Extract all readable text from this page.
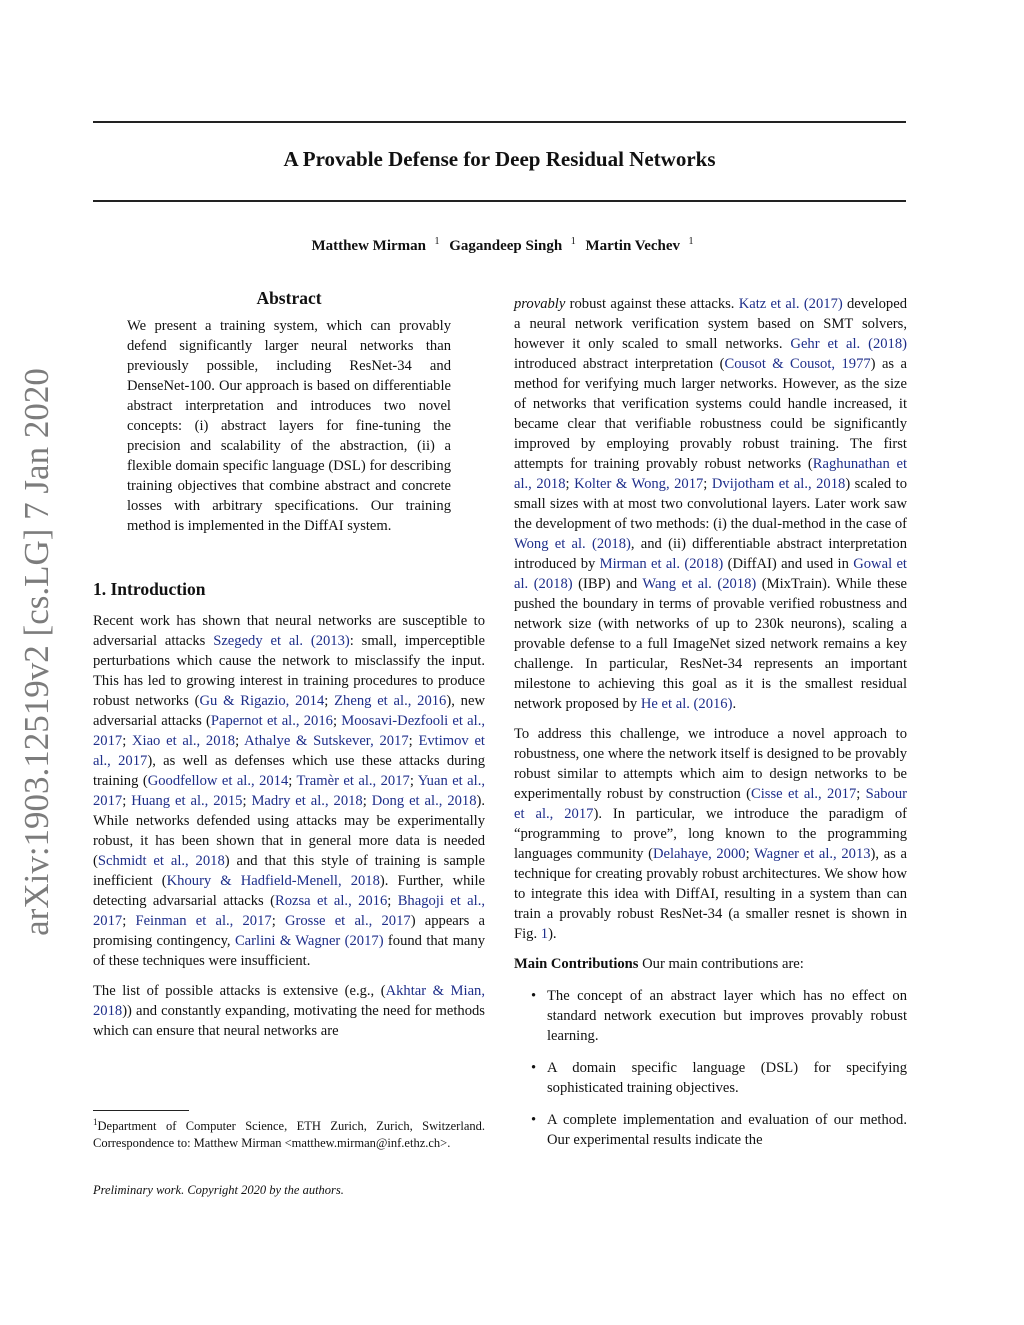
arXiv:1903.12519v2 [cs.LG] 7 Jan 2020
A Provable Defense for Deep Residual Networks
Matthew Mirman $^1$ Gagandeep Singh $^1$ Martin Vechev $^1$
Abstract

We present a training system, which can provably defend significantly larger neural networks than previously possible, including ResNet-34 and DenseNet-100. Our approach is based on differentiable abstract interpretation and introduces two novel concepts: (i) abstract layers for fine-tuning the precision and scalability of the abstraction, (ii) a flexible domain specific language (DSL) for describing training objectives that combine abstract and concrete losses with arbitrary specifications. Our training method is implemented in the DiffAI system.

1. Introduction

Recent work has shown that neural networks are susceptible to adversarial attacks Szegedy et al. (2013): small, imperceptible perturbations which cause the network to misclassify the input. This has led to growing interest in training procedures to produce robust networks (Gu & Rigazio, 2014; Zheng et al., 2016), new adversarial attacks (Papernot et al., 2016; Moosavi-Dezfooli et al., 2017; Xiao et al., 2018; Athalye & Sutskever, 2017; Evtimov et al., 2017), as well as defenses which use these attacks during training (Goodfellow et al., 2014; Tramèr et al., 2017; Yuan et al., 2017; Huang et al., 2015; Madry et al., 2018; Dong et al., 2018). While networks defended using attacks may be experimentally robust, it has been shown that in general more data is needed (Schmidt et al., 2018) and that this style of training is sample inefficient (Khoury & Hadfield-Menell, 2018). Further, while detecting advarsarial attacks (Rozsa et al., 2016; Bhagoji et al., 2017; Feinman et al., 2017; Grosse et al., 2017) appears a promising contingency, Carlini & Wagner (2017) found that many of these techniques were insufficient.

The list of possible attacks is extensive (e.g., (Akhtar & Mian, 2018)) and constantly expanding, motivating the need for methods which can ensure that neural networks are

$^1$Department of Computer Science, ETH Zurich, Zurich, Switzerland. Correspondence to: Matthew Mirman <matthew.mirman@inf.ethz.ch>.
Preliminary work. Copyright 2020 by the authors.

provably robust against these attacks. Katz et al. (2017) developed a neural network verification system based on SMT solvers, however it only scaled to small networks. Gehr et al. (2018) introduced abstract interpretation (Cousot & Cousot, 1977) as a method for verifying much larger networks. However, as the size of networks that verification systems could handle increased, it became clear that verifiable robustness could be significantly improved by employing provably robust training. The first attempts for training provably robust networks (Raghunathan et al., 2018; Kolter & Wong, 2017; Dvijotham et al., 2018) scaled to small sizes with at most two convolutional layers. Later work saw the development of two methods: (i) the dual-method in the case of Wong et al. (2018), and (ii) differentiable abstract interpretation introduced by Mirman et al. (2018) (DiffAI) and used in Gowal et al. (2018) (IBP) and Wang et al. (2018) (MixTrain). While these pushed the boundary in terms of provable verified robustness and network size (with networks of up to 230k neurons), scaling a provable defense to a full ImageNet sized network remains a key challenge. In particular, ResNet-34 represents an important milestone to achieving this goal as it is the smallest residual network proposed by He et al. (2016).

To address this challenge, we introduce a novel approach to robustness, one where the network itself is designed to be provably robust similar to attempts which aim to design networks to be experimentally robust by construction (Cisse et al., 2017; Sabour et al., 2017). In particular, we introduce the paradigm of “programming to prove”, long known to the programming languages community (Delahaye, 2000; Wagner et al., 2013), as a technique for creating provably robust architectures. We show how to integrate this idea with DiffAI, resulting in a system than can train a provably robust ResNet-34 (a smaller resnet is shown in Fig. 1).

Main Contributions Our main contributions are:

• The concept of an abstract layer which has no effect on standard network execution but improves provably robust learning.
• A domain specific language (DSL) for specifying sophisticated training objectives.
• A complete implementation and evaluation of our method. Our experimental results indicate the
